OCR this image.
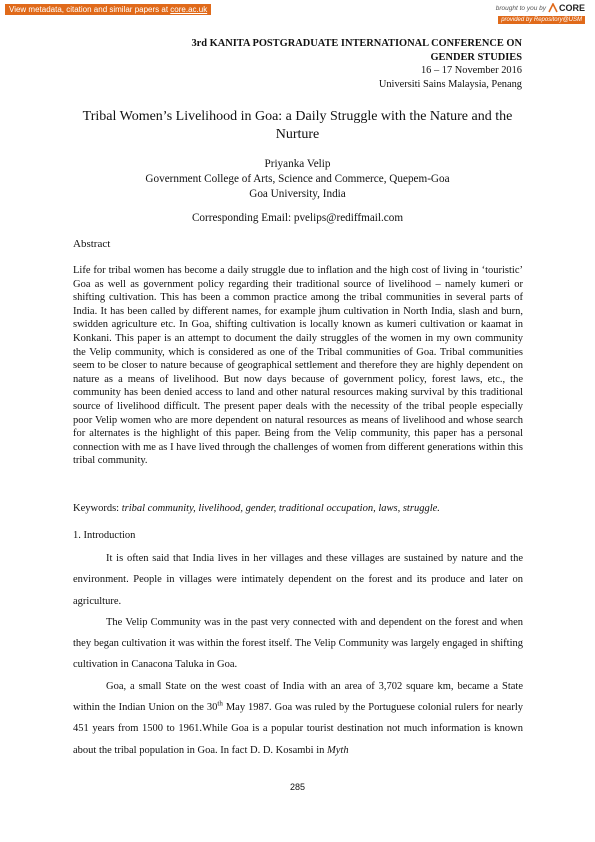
View metadata, citation and similar papers at core.ac.uk	brought to you by CORE
provided by Repository@USM
3rd KANITA POSTGRADUATE INTERNATIONAL CONFERENCE ON
GENDER STUDIES
16 – 17 November 2016
Universiti Sains Malaysia, Penang
Tribal Women’s Livelihood in Goa: a Daily Struggle with the Nature and the Nurture
Priyanka Velip
Government College of Arts, Science and Commerce, Quepem-Goa
Goa University, India
Corresponding Email: pvelips@rediffmail.com
Abstract
Life for tribal women has become a daily struggle due to inflation and the high cost of living in ‘touristic’ Goa as well as government policy regarding their traditional source of livelihood – namely kumeri or shifting cultivation. This has been a common practice among the tribal communities in several parts of India. It has been called by different names, for example jhum cultivation in North India, slash and burn, swidden agriculture etc. In Goa, shifting cultivation is locally known as kumeri cultivation or kaamat in Konkani. This paper is an attempt to document the daily struggles of the women in my own community the Velip community, which is considered as one of the Tribal communities of Goa. Tribal communities seem to be closer to nature because of geographical settlement and therefore they are highly dependent on nature as a means of livelihood. But now days because of government policy, forest laws, etc., the community has been denied access to land and other natural resources making survival by this traditional source of livelihood difficult. The present paper deals with the necessity of the tribal people especially poor Velip women who are more dependent on natural resources as means of livelihood and whose search for alternates is the highlight of this paper. Being from the Velip community, this paper has a personal connection with me as I have lived through the challenges of women from different generations within this tribal community.
Keywords: tribal community, livelihood, gender, traditional occupation, laws, struggle.
1. Introduction

It is often said that India lives in her villages and these villages are sustained by nature and the environment. People in villages were intimately dependent on the forest and its produce and later on agriculture.

The Velip Community was in the past very connected with and dependent on the forest and when they began cultivation it was within the forest itself. The Velip Community was largely engaged in shifting cultivation in Canacona Taluka in Goa.

Goa, a small State on the west coast of India with an area of 3,702 square km, became a State within the Indian Union on the 30th May 1987. Goa was ruled by the Portuguese colonial rulers for nearly 451 years from 1500 to 1961.While Goa is a popular tourist destination not much information is known about the tribal population in Goa. In fact D. D. Kosambi in Myth

285
